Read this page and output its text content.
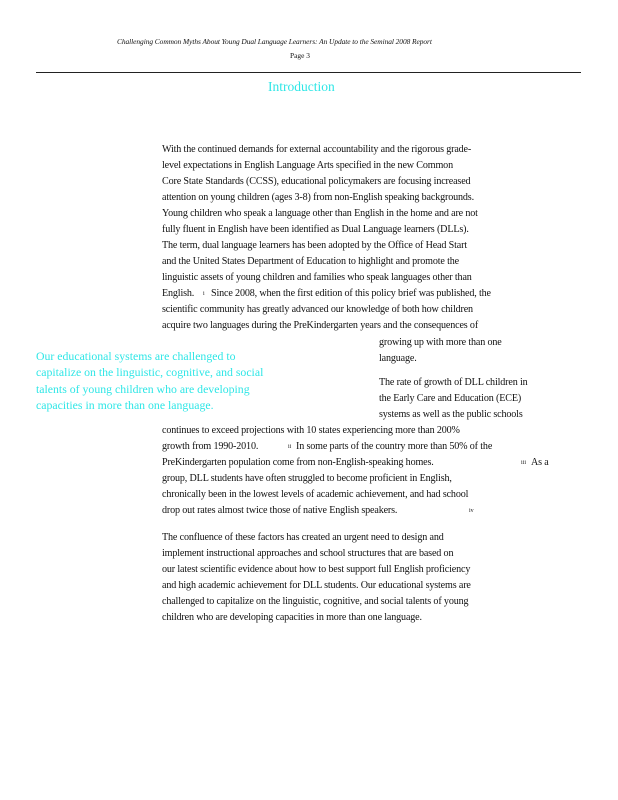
Challenging Common Myths About Young Dual Language Learners: An Update to the Seminal 2008 Report
Page 3
Introduction
With the continued demands for external accountability and the rigorous grade-
level expectations in English Language Arts specified in the new Common
Core State Standards (CCSS), educational policymakers are focusing increased
attention on young children (ages 3-8) from non-English speaking backgrounds.
Young children who speak a language other than English in the home and are not
fully fluent in English have been identified as Dual Language learners (DLLs).
The term, dual language learners has been adopted by the Office of Head Start
and the United States Department of Education to highlight and promote the
linguistic assets of young children and families who speak languages other than
English. i Since 2008, when the first edition of this policy brief was published, the
scientific community has greatly advanced our knowledge of both how children
acquire two languages during the PreKindergarten years and the consequences of
growing up with more than one
language.
Our educational systems are challenged to
capitalize on the linguistic, cognitive, and social
talents of young children who are developing
capacities in more than one language.
The rate of growth of DLL children in
the Early Care and Education (ECE)
systems as well as the public schools
continues to exceed projections with 10 states experiencing more than 200%
growth from 1990-2010.	ii In some parts of the country more than 50% of the
PreKindergarten population come from non-English-speaking homes.	iii As a
group, DLL students have often struggled to become proficient in English,
chronically been in the lowest levels of academic achievement, and had school
drop out rates almost twice those of native English speakers.	iv
The confluence of these factors has created an urgent need to design and
implement instructional approaches and school structures that are based on
our latest scientific evidence about how to best support full English proficiency
and high academic achievement for DLL students. Our educational systems are
challenged to capitalize on the linguistic, cognitive, and social talents of young
children who are developing capacities in more than one language.
